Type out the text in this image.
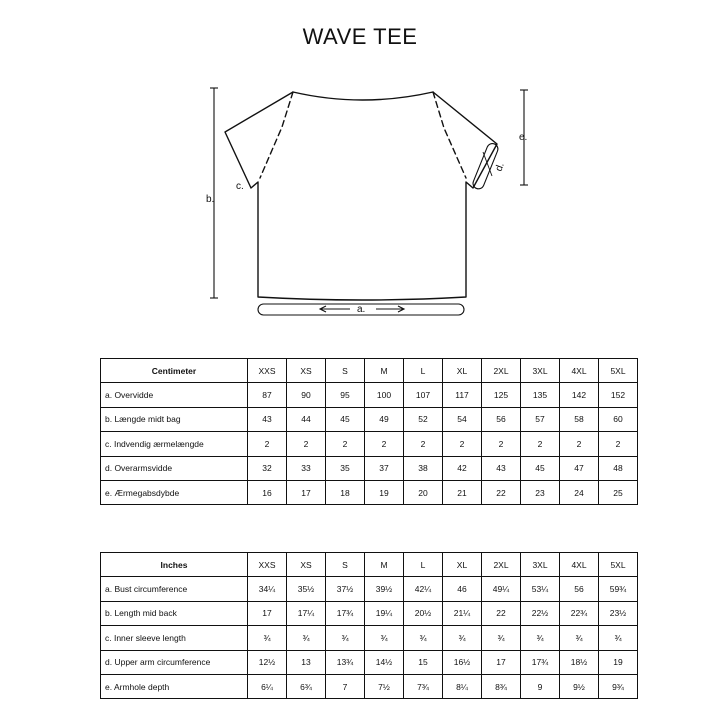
WAVE TEE
b.
e.
d.
c.
a.
Centimeter	XXS	XS	S	M	L	XL	2XL	3XL	4XL	5XL
a. Overvidde	87	90	95	100	107	117	125	135	142	152
b. Længde midt bag	43	44	45	49	52	54	56	57	58	60
c. Indvendig ærmelængde	2	2	2	2	2	2	2	2	2	2
d. Overarmsvidde	32	33	35	37	38	42	43	45	47	48
e. Ærmegabsdybde	16	17	18	19	20	21	22	23	24	25
Inches	XXS	XS	S	M	L	XL	2XL	3XL	4XL	5XL
a. Bust circumference	34¼	35½	37½	39½	42¼	46	49¼	53¼	56	59¾
b. Length mid back	17	17¼	17¾	19¼	20½	21¼	22	22½	22¾	23½
c. Inner sleeve length	¾	¾	¾	¾	¾	¾	¾	¾	¾	¾
d. Upper arm circumference	12½	13	13¾	14½	15	16½	17	17¾	18½	19
e. Armhole depth	6¼	6¾	7	7½	7¾	8¼	8¾	9	9½	9¾
